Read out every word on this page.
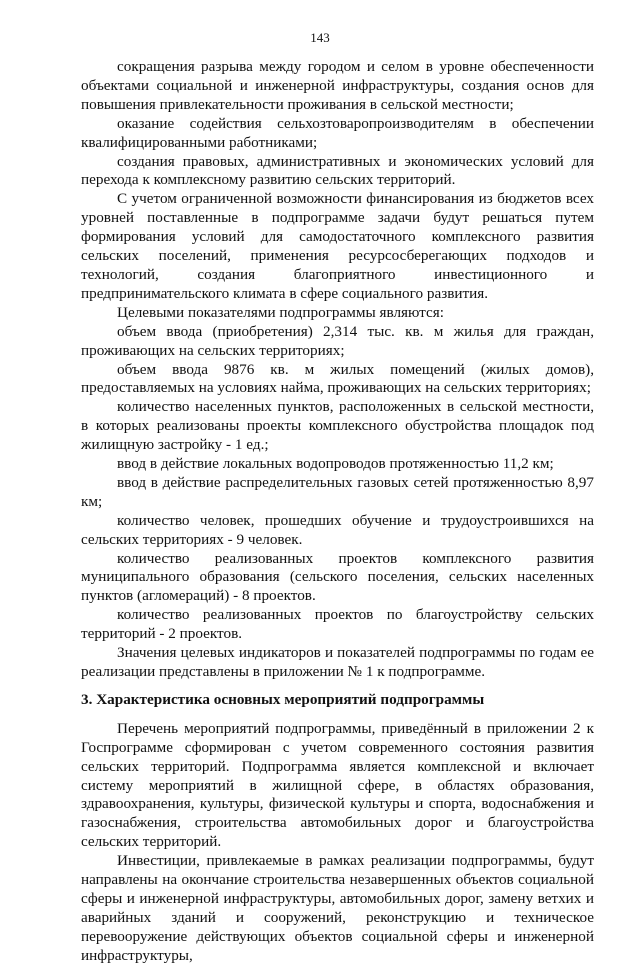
143

сокращения разрыва между городом и селом в уровне обеспеченности объектами социальной и инженерной инфраструктуры, создания основ для повышения привлекательности проживания в сельской местности;

оказание содействия сельхозтоваропроизводителям в обеспечении квалифицированными работниками;

создания правовых, административных и экономических условий для перехода к комплексному развитию сельских территорий.

С учетом ограниченной возможности финансирования из бюджетов всех уровней поставленные в подпрограмме задачи будут решаться путем формирования условий для самодостаточного комплексного развития сельских поселений, применения ресурсосберегающих подходов и технологий, создания благоприятного инвестиционного и предпринимательского климата в сфере социального развития.

Целевыми показателями подпрограммы являются:

объем ввода (приобретения) 2,314 тыс. кв. м жилья для граждан, проживающих на сельских территориях;

объем ввода 9876 кв. м жилых помещений (жилых домов), предоставляемых на условиях найма, проживающих на сельских территориях;

количество населенных пунктов, расположенных в сельской местности, в которых реализованы проекты комплексного обустройства площадок под жилищную застройку - 1 ед.;

ввод в действие локальных водопроводов протяженностью 11,2 км;

ввод в действие распределительных газовых сетей протяженностью 8,97 км;

количество человек, прошедших обучение и трудоустроившихся на сельских территориях - 9 человек.

количество реализованных проектов комплексного развития муниципального образования (сельского поселения, сельских населенных пунктов (агломераций) - 8 проектов.

количество реализованных проектов по благоустройству сельских территорий - 2 проектов.

Значения целевых индикаторов и показателей подпрограммы по годам ее реализации представлены в приложении № 1 к подпрограмме.

3. Характеристика основных мероприятий подпрограммы

Перечень мероприятий подпрограммы, приведённый в приложении 2 к Госпрограмме сформирован с учетом современного состояния развития сельских территорий. Подпрограмма является комплексной и включает систему мероприятий в жилищной сфере, в областях образования, здравоохранения, культуры, физической культуры и спорта, водоснабжения и газоснабжения, строительства автомобильных дорог и благоустройства сельских территорий.

Инвестиции, привлекаемые в рамках реализации подпрограммы, будут направлены на окончание строительства незавершенных объектов социальной сферы и инженерной инфраструктуры, автомобильных дорог, замену ветхих и аварийных зданий и сооружений, реконструкцию и техническое перевооружение действующих объектов социальной сферы и инженерной инфраструктуры,
